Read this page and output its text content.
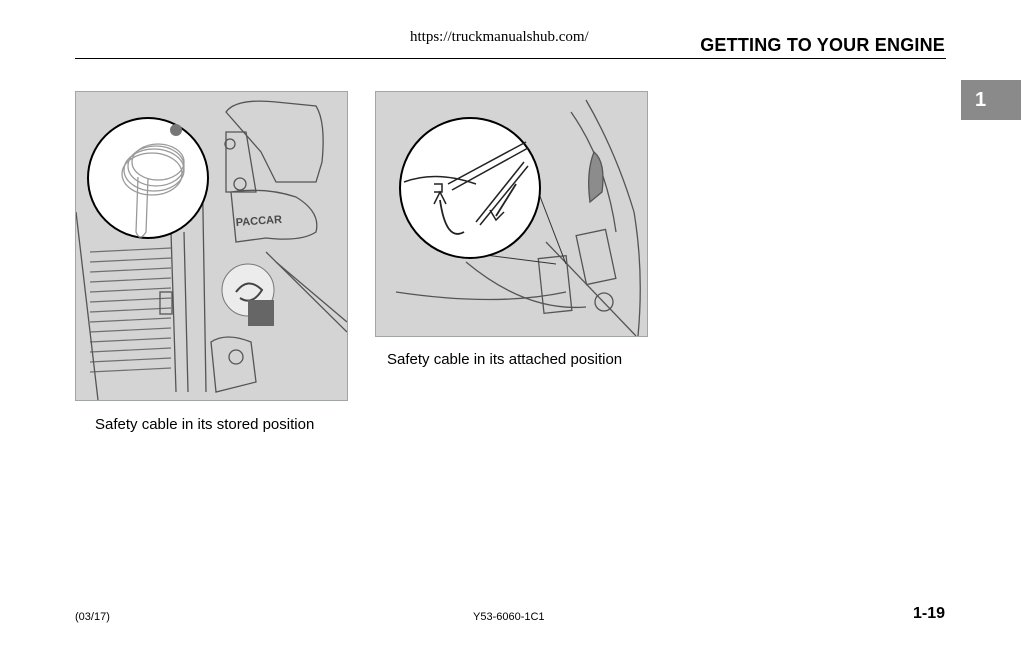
https://truckmanualshub.com/	GETTING TO YOUR ENGINE
1
PACCAR
Safety cable in its stored position
Safety cable in its attached position
(03/17)	Y53-6060-1C1	1-19
